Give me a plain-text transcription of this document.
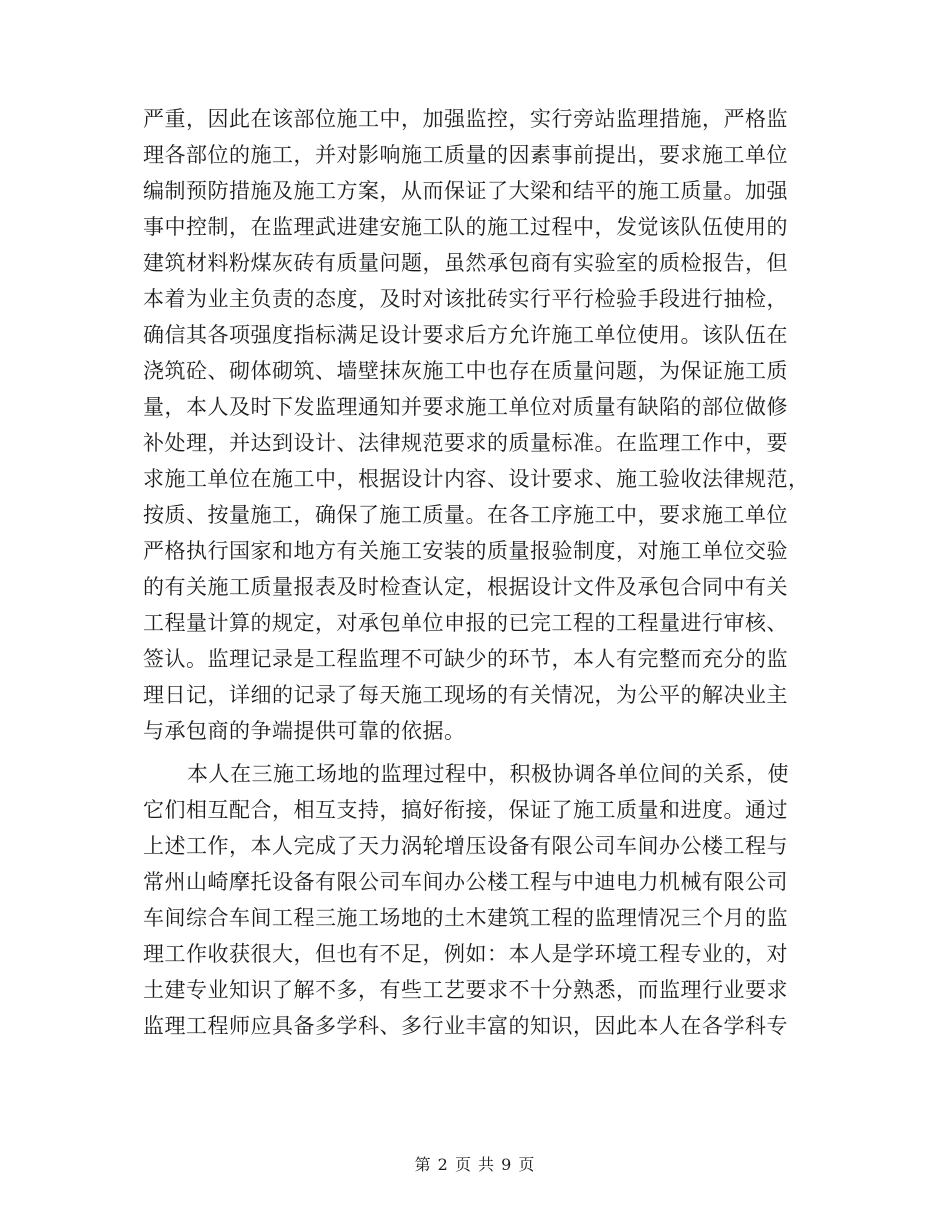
严重，因此在该部位施工中，加强监控，实行旁站监理措施，严格监
理各部位的施工，并对影响施工质量的因素事前提出，要求施工单位
编制预防措施及施工方案，从而保证了大梁和结平的施工质量。加强
事中控制，在监理武进建安施工队的施工过程中，发觉该队伍使用的
建筑材料粉煤灰砖有质量问题，虽然承包商有实验室的质检报告，但
本着为业主负责的态度，及时对该批砖实行平行检验手段进行抽检，
确信其各项强度指标满足设计要求后方允许施工单位使用。该队伍在
浇筑砼、砌体砌筑、墙壁抹灰施工中也存在质量问题，为保证施工质
量，本人及时下发监理通知并要求施工单位对质量有缺陷的部位做修
补处理，并达到设计、法律规范要求的质量标准。在监理工作中，要
求施工单位在施工中，根据设计内容、设计要求、施工验收法律规范，
按质、按量施工，确保了施工质量。在各工序施工中，要求施工单位
严格执行国家和地方有关施工安装的质量报验制度，对施工单位交验
的有关施工质量报表及时检查认定，根据设计文件及承包合同中有关
工程量计算的规定，对承包单位申报的已完工程的工程量进行审核、
签认。监理记录是工程监理不可缺少的环节，本人有完整而充分的监
理日记，详细的记录了每天施工现场的有关情况，为公平的解决业主
与承包商的争端提供可靠的依据。
本人在三施工场地的监理过程中，积极协调各单位间的关系，使
它们相互配合，相互支持，搞好衔接，保证了施工质量和进度。通过
上述工作，本人完成了天力涡轮增压设备有限公司车间办公楼工程与
常州山崎摩托设备有限公司车间办公楼工程与中迪电力机械有限公司
车间综合车间工程三施工场地的土木建筑工程的监理情况三个月的监
理工作收获很大，但也有不足，例如：本人是学环境工程专业的，对
土建专业知识了解不多，有些工艺要求不十分熟悉，而监理行业要求
监理工程师应具备多学科、多行业丰富的知识，因此本人在各学科专
第 2 页 共 9 页
